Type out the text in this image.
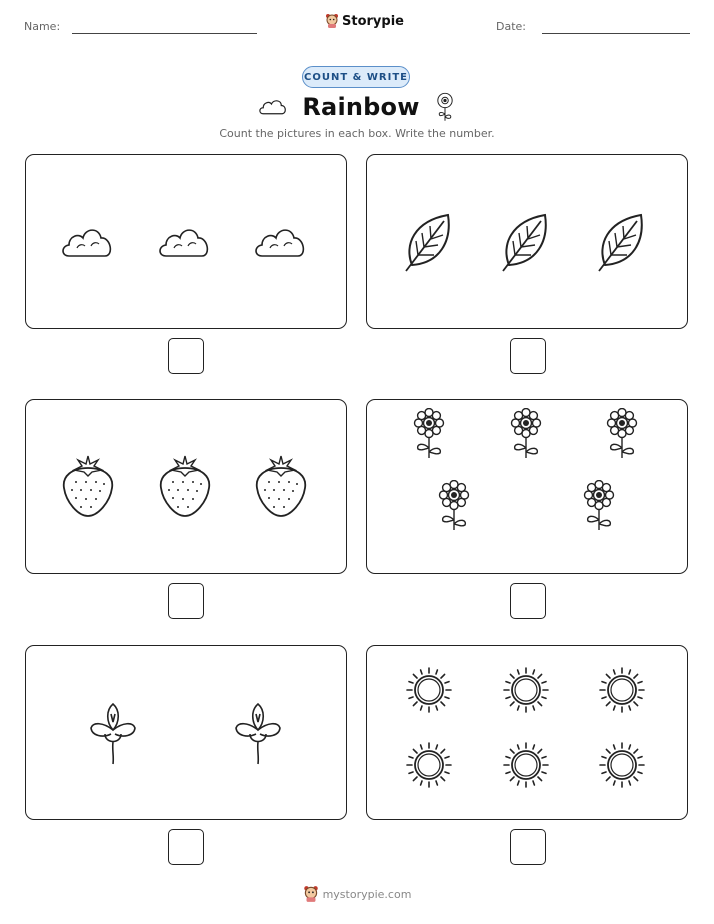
Name:	Date:
Storypie
COUNT & WRITE
Rainbow
Count the pictures in each box. Write the number.
mystorypie.com
